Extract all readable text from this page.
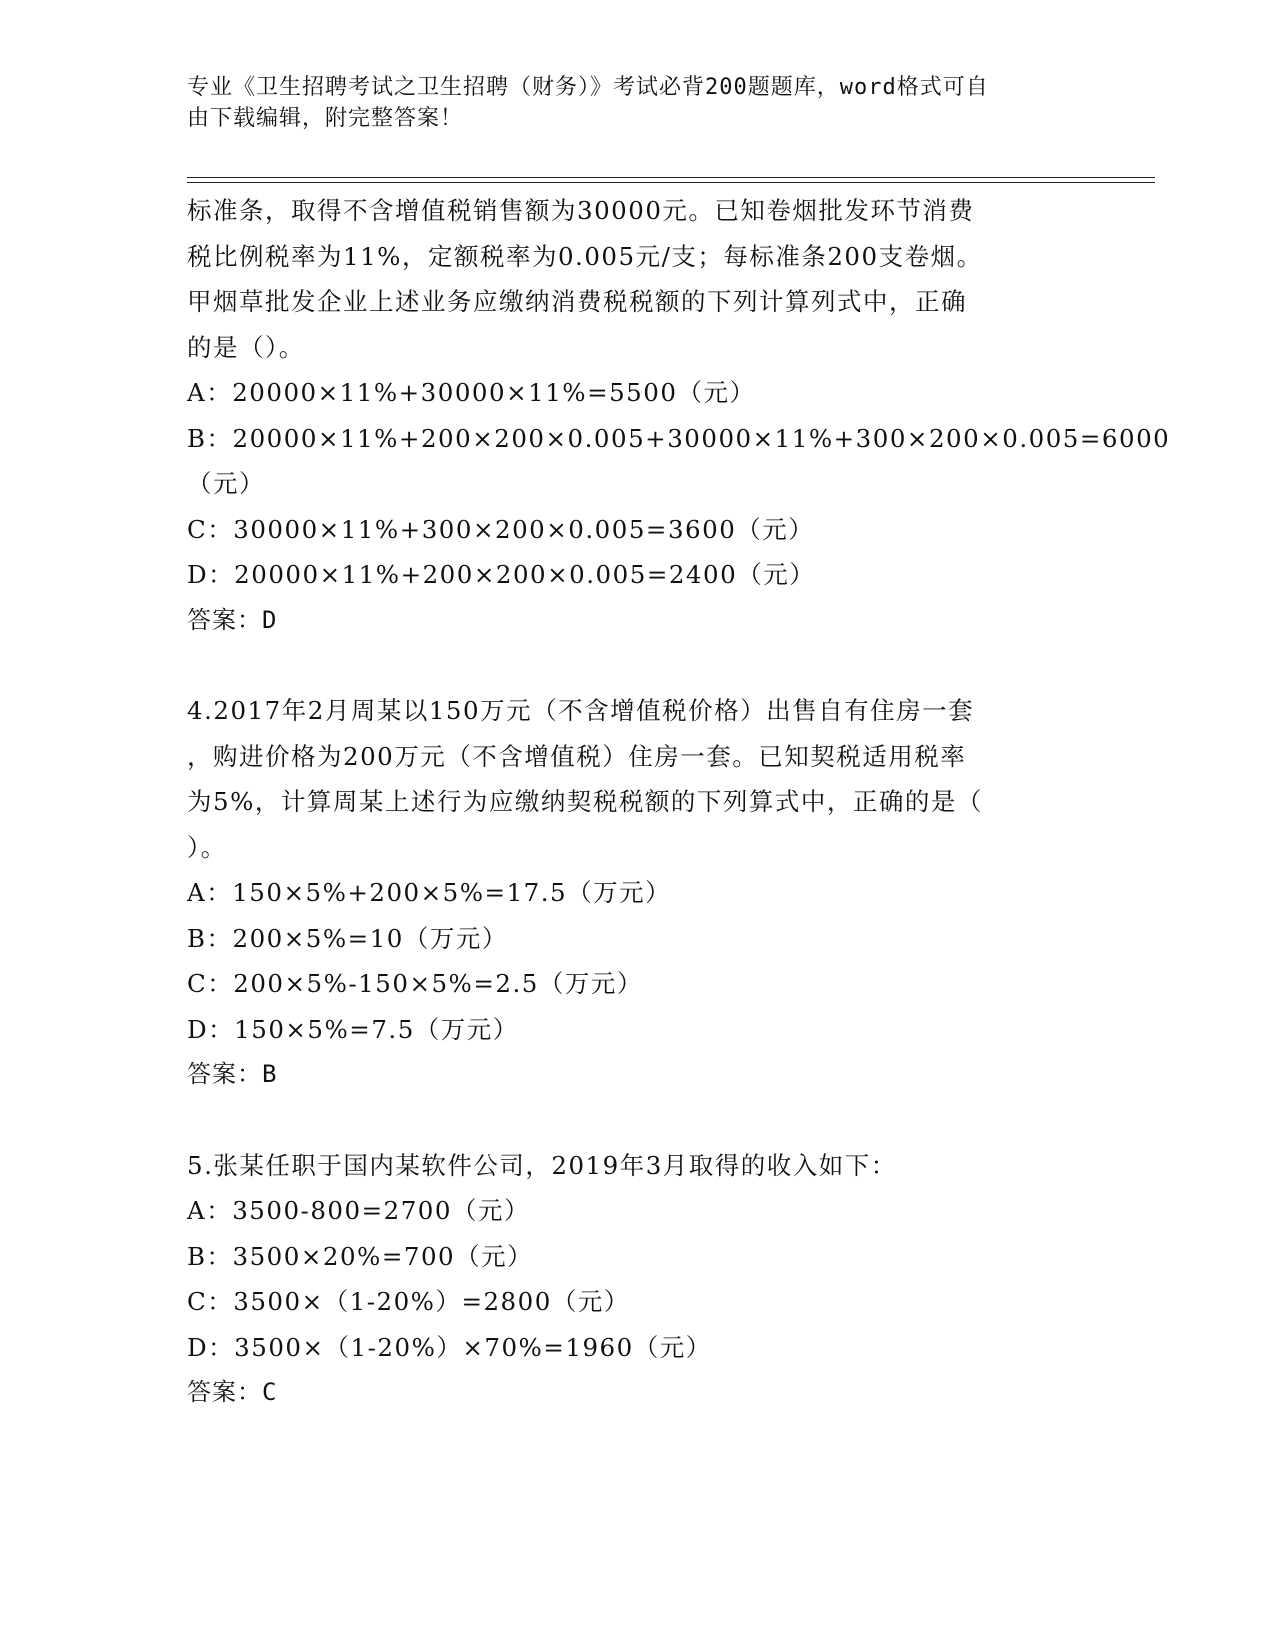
专业《卫生招聘考试之卫生招聘（财务）》考试必背200题题库，word格式可自
由下载编辑，附完整答案！
标准条，取得不含增值税销售额为30000元。已知卷烟批发环节消费
税比例税率为11%，定额税率为0.005元/支；每标准条200支卷烟。
甲烟草批发企业上述业务应缴纳消费税税额的下列计算列式中，正确
的是（）。
A：20000×11%+30000×11%=5500（元）
B：20000×11%+200×200×0.005+30000×11%+300×200×0.005=6000
（元）
C：30000×11%+300×200×0.005=3600（元）
D：20000×11%+200×200×0.005=2400（元）
答案：D
4.2017年2月周某以150万元（不含增值税价格）出售自有住房一套
，购进价格为200万元（不含增值税）住房一套。已知契税适用税率
为5%，计算周某上述行为应缴纳契税税额的下列算式中，正确的是（
）。
A：150×5%+200×5%=17.5（万元）
B：200×5%=10（万元）
C：200×5%-150×5%=2.5（万元）
D：150×5%=7.5（万元）
答案：B
5.张某任职于国内某软件公司，2019年3月取得的收入如下：
A：3500-800=2700（元）
B：3500×20%=700（元）
C：3500×（1-20%）=2800（元）
D：3500×（1-20%）×70%=1960（元）
答案：C
